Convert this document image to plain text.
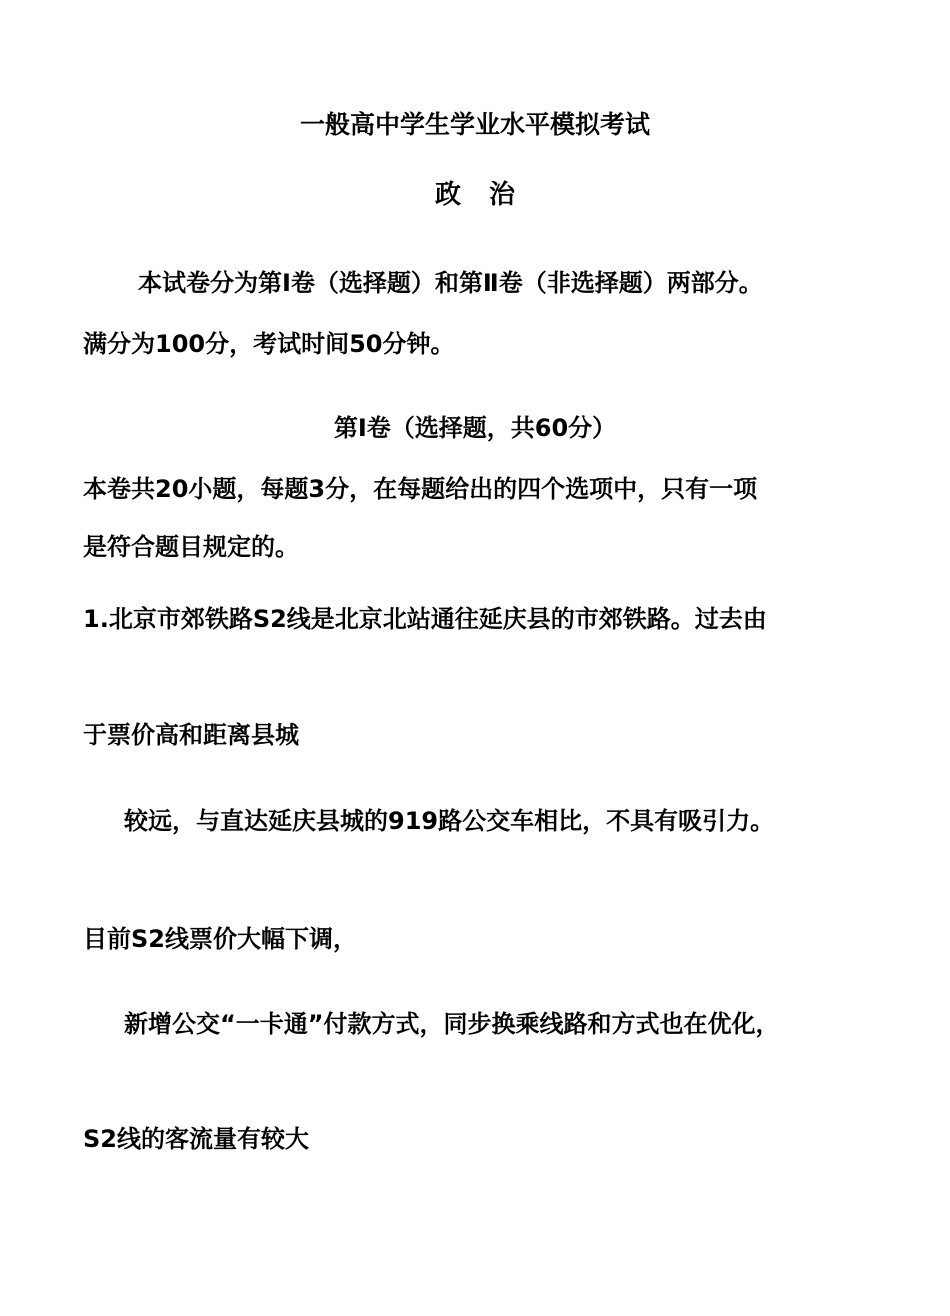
一般高中学生学业水平模拟考试
政治
本试卷分为第Ⅰ卷（选择题）和第Ⅱ卷（非选择题）两部分。
满分为100分，考试时间50分钟。
第Ⅰ卷（选择题，共60分）
本卷共20小题，每题3分，在每题给出的四个选项中，只有一项
是符合题目规定的。
1.北京市郊铁路S2线是北京北站通往延庆县的市郊铁路。过去由
于票价高和距离县城
较远，与直达延庆县城的919路公交车相比，不具有吸引力。
目前S2线票价大幅下调，
新增公交“一卡通”付款方式，同步换乘线路和方式也在优化，
S2线的客流量有较大
